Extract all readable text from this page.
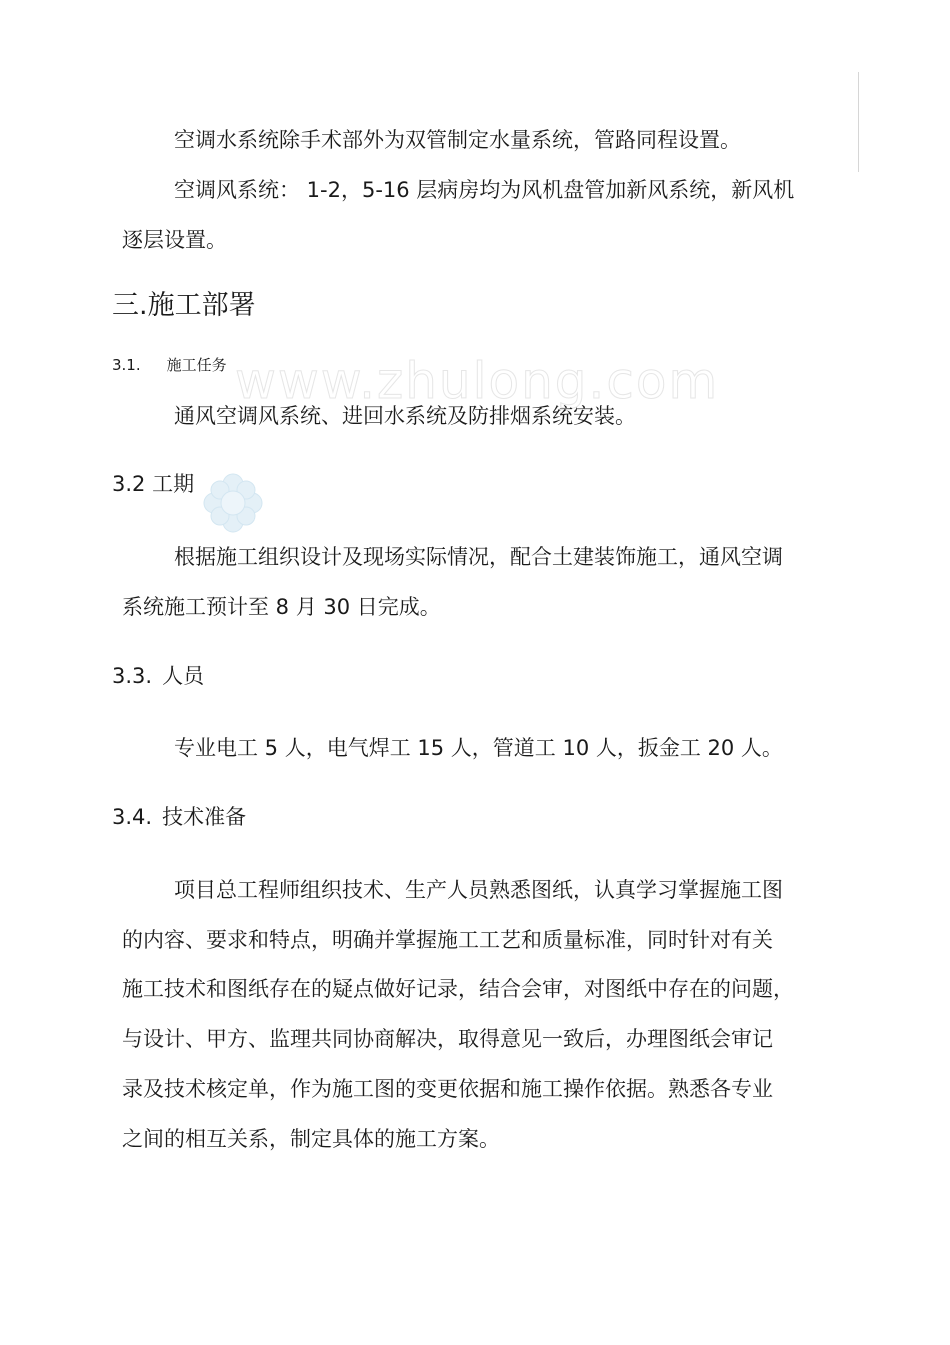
www.zhulong.com
空调水系统除手术部外为双管制定水量系统，管路同程设置。
空调风系统： 1-2，5-16 层病房均为风机盘管加新风系统，新风机
逐层设置。
三.施工部署
3.1. 施工任务
通风空调风系统、进回水系统及防排烟系统安装。
3.2 工期
根据施工组织设计及现场实际情况，配合土建装饰施工，通风空调
系统施工预计至 8 月 30 日完成。
3.3. 人员
专业电工 5 人，电气焊工 15 人，管道工 10 人，扳金工 20 人。
3.4. 技术准备
项目总工程师组织技术、生产人员熟悉图纸，认真学习掌握施工图
的内容、要求和特点，明确并掌握施工工艺和质量标准，同时针对有关
施工技术和图纸存在的疑点做好记录，结合会审，对图纸中存在的问题，
与设计、甲方、监理共同协商解决，取得意见一致后，办理图纸会审记
录及技术核定单，作为施工图的变更依据和施工操作依据。熟悉各专业
之间的相互关系，制定具体的施工方案。
